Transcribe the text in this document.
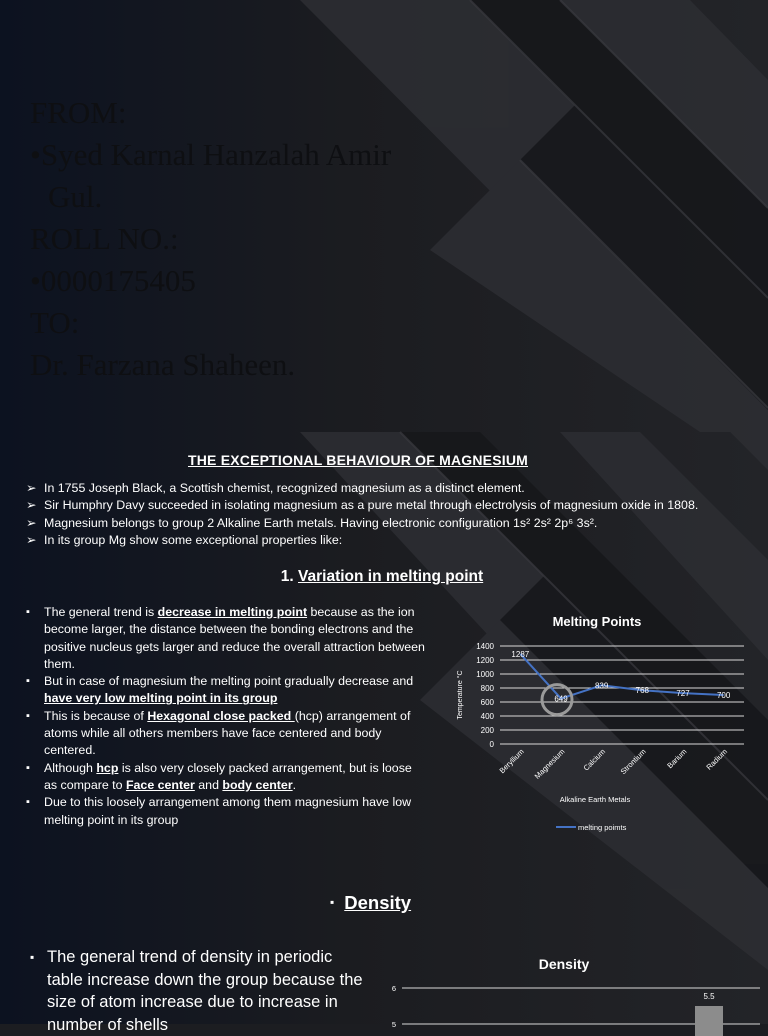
FROM:
•Syed Karnal Hanzalah Amir
Gul.
ROLL NO.:
•0000175405
TO:
Dr. Farzana Shaheen.
THE EXCEPTIONAL BEHAVIOUR OF MAGNESIUM
➢ In 1755 Joseph Black, a Scottish chemist, recognized magnesium as a distinct element.
➢ Sir Humphry Davy succeeded in isolating magnesium as a pure metal through electrolysis of magnesium oxide in 1808.
➢ Magnesium belongs to group 2 Alkaline Earth metals. Having electronic configuration 1s² 2s² 2p⁶ 3s².
➢ In its group Mg show some exceptional properties like:
1. Variation in melting point
▪ The general trend is decrease in melting point because as the ion become larger, the distance between the bonding electrons and the positive nucleus gets larger and reduce the overall attraction between them.
▪ But in case of magnesium the melting point gradually decrease and have very low melting point in its group
▪ This is because of Hexagonal close packed (hcp) arrangement of atoms while all others members have face centered and body centered.
▪ Although hcp is also very closely packed arrangement, but is loose as compare to Face center and body center.
▪ Due to this loosely arrangement among them magnesium have low melting point in its group
Melting Points
0
200
400
600
800
1000
1200
1400
Temperature °C
Beryllium Magnesium Calcium Strontium Barium Radium
Alkaline Earth Metals
1287
649
839
768	727	700
melting poimts
▪ Density
▪ The general trend of density in periodic table increase down the group because the size of atom increase due to increase in number of shells

Density
6
5
5.5
